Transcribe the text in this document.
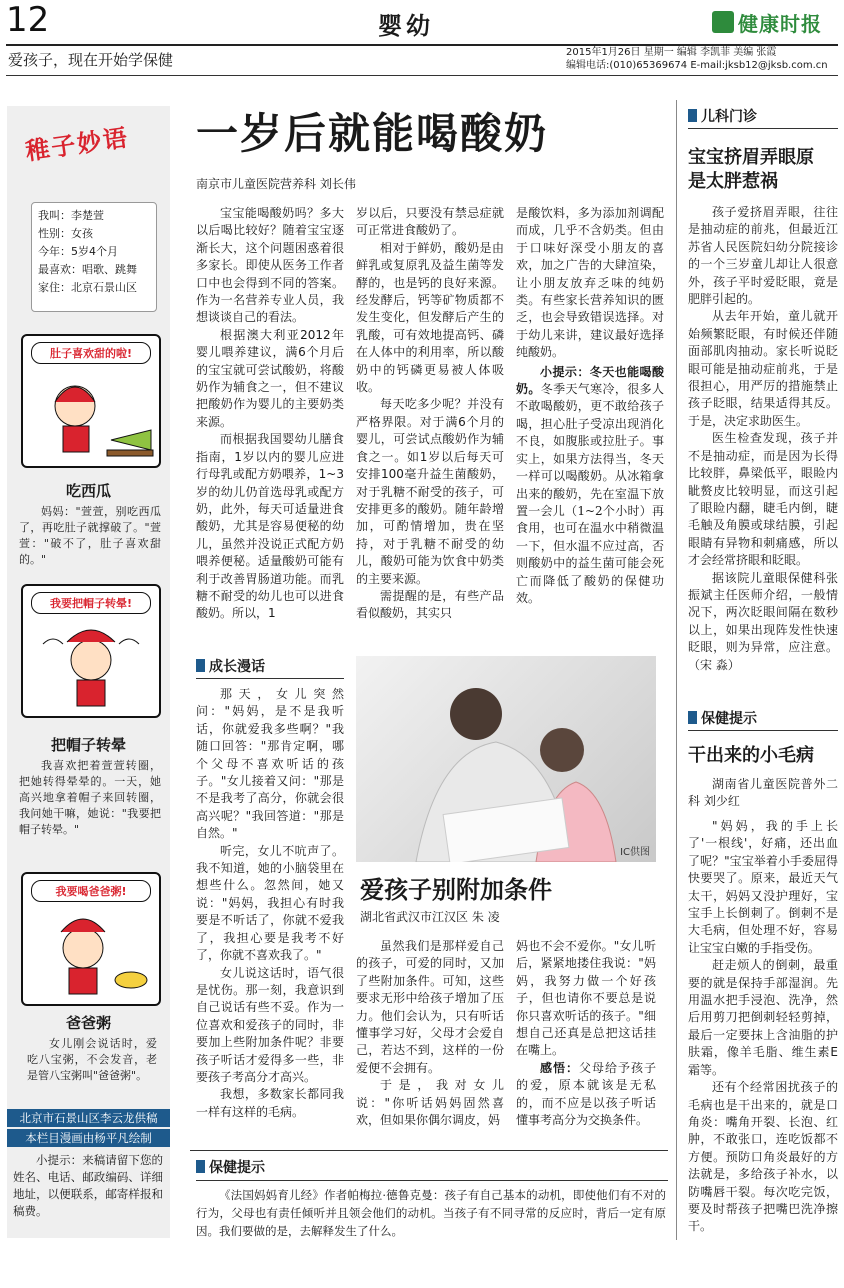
12	婴幼	健康时报
爱孩子，现在开始学保健	2015年1月26日 星期一 编辑 李凯菲 美编 张霞
编辑电话:(010)65369674 E-mail:jksb12@jksb.com.cn
稚子妙语
我叫：李楚萱
性别：女孩
今年：5岁4个月
最喜欢：唱歌、跳舞
家住：北京石景山区
肚子喜欢甜的啦!
吃西瓜
妈妈："萱萱，别吃西瓜了，再吃肚子就撑破了。"萱萱："破不了，肚子喜欢甜的。"
我要把帽子转晕!
把帽子转晕
我喜欢把着萱萱转圈，把她转得晕晕的。一天，她高兴地拿着帽子来回转圈，我问她干嘛，她说："我要把帽子转晕。"
我要喝爸爸粥!
爸爸粥
女儿刚会说话时，爱吃八宝粥，不会发音，老是管八宝粥叫"爸爸粥"。
北京市石景山区李云龙供稿
本栏目漫画由杨平凡绘制
小提示：来稿请留下您的姓名、电话、邮政编码、详细地址，以便联系，邮寄样报和稿费。
一岁后就能喝酸奶
南京市儿童医院营养科 刘长伟

宝宝能喝酸奶吗？多大以后喝比较好？随着宝宝逐渐长大，这个问题困惑着很多家长。即使从医务工作者口中也会得到不同的答案。作为一名营养专业人员，我想谈谈自己的看法。

根据澳大利亚2012年婴儿喂养建议，满6个月后的宝宝就可尝试酸奶，将酸奶作为辅食之一，但不建议把酸奶作为婴儿的主要奶类来源。

而根据我国婴幼儿膳食指南，1岁以内的婴儿应进行母乳或配方奶喂养，1~3岁的幼儿仍首选母乳或配方奶，此外，每天可适量进食酸奶，尤其是容易便秘的幼儿，虽然并没说正式配方奶喂养便秘。适量酸奶可能有利于改善胃肠道功能。而乳糖不耐受的幼儿也可以进食酸奶。所以，1

岁以后，只要没有禁忌症就可正常进食酸奶了。

相对于鲜奶，酸奶是由鲜乳或复原乳及益生菌等发酵的，也是钙的良好来源。经发酵后，钙等矿物质都不发生变化，但发酵后产生的乳酸，可有效地提高钙、磷在人体中的利用率，所以酸奶中的钙磷更易被人体吸收。

每天吃多少呢？并没有严格界限。对于满6个月的婴儿，可尝试点酸奶作为辅食之一。如1岁以后每天可安排100毫升益生菌酸奶，对于乳糖不耐受的孩子，可安排更多的酸奶。随年龄增加，可酌情增加，贵在坚持，对于乳糖不耐受的幼儿，酸奶可能为饮食中奶类的主要来源。

需提醒的是，有些产品看似酸奶，其实只

是酸饮料，多为添加剂调配而成，几乎不含奶类。但由于口味好深受小朋友的喜欢，加之广告的大肆渲染，让小朋友放弃乏味的纯奶类。有些家长营养知识的匮乏，也会导致错误选择。对于幼儿来讲，建议最好选择纯酸奶。

小提示：冬天也能喝酸奶。冬季天气寒冷，很多人不敢喝酸奶，更不敢给孩子喝，担心肚子受凉出现消化不良，如腹胀或拉肚子。事实上，如果方法得当，冬天一样可以喝酸奶。从冰箱拿出来的酸奶，先在室温下放置一会儿（1~2个小时）再食用，也可在温水中稍微温一下，但水温不应过高，否则酸奶中的益生菌可能会死亡而降低了酸奶的保健功效。

成长漫话
IC供图
爱孩子别附加条件
湖北省武汉市江汉区 朱 凌

那天，女儿突然问："妈妈，是不是我听话，你就爱我多些啊？"我随口回答："那肯定啊，哪个父母不喜欢听话的孩子。"女儿接着又问："那是不是我考了高分，你就会很高兴呢？"我回答道："那是自然。"

听完，女儿不吭声了。我不知道，她的小脑袋里在想些什么。忽然间，她又说："妈妈，我担心有时我要是不听话了，你就不爱我了，我担心要是我考不好了，你就不喜欢我了。"

女儿说这话时，语气很是忧伤。那一刻，我意识到自己说话有些不妥。作为一位喜欢和爱孩子的同时，非要加上些附加条件呢？非要孩子听话才爱得多一些，非要孩子考高分才高兴。

我想，多数家长都同我一样有这样的毛病。

虽然我们是那样爱自己的孩子，可爱的同时，又加了些附加条件。可知，这些要求无形中给孩子增加了压力。他们会认为，只有听话懂事学习好，父母才会爱自己，若达不到，这样的一份爱便不会拥有。

于是，我对女儿说："你听话妈妈固然喜欢，但如果你偶尔调皮，妈

妈也不会不爱你。"女儿听后，紧紧地搂住我说："妈妈，我努力做一个好孩子，但也请你不要总是说你只喜欢听话的孩子。"细想自己还真是总把这话挂在嘴上。

感悟：父母给予孩子的爱，原本就该是无私的，而不应是以孩子听话懂事考高分为交换条件。

保健提示
《法国妈妈育儿经》作者帕梅拉·德鲁克曼：孩子有自己基本的动机，即使他们有不对的行为，父母也有责任倾听并且领会他们的动机。当孩子有不同寻常的反应时，背后一定有原因。我们要做的是，去解释发生了什么。
儿科门诊
宝宝挤眉弄眼原是太胖惹祸

孩子爱挤眉弄眼，往往是抽动症的前兆，但最近江苏省人民医院妇幼分院接诊的一个三岁童儿却让人很意外，孩子平时爱眨眼，竟是肥胖引起的。

从去年开始，童儿就开始频繁眨眼，有时候还伴随面部肌肉抽动。家长听说眨眼可能是抽动症前兆，于是很担心，用严厉的措施禁止孩子眨眼，结果适得其反。于是，决定求助医生。

医生检查发现，孩子并不是抽动症，而是因为长得比较胖，鼻梁低平，眼睑内眦赘皮比较明显，而这引起了眼睑内翻，睫毛内倒，睫毛触及角膜或球结膜，引起眼睛有异物和刺痛感，所以才会经常挤眼和眨眼。

据该院儿童眼保健科张振斌主任医师介绍，一般情况下，两次眨眼间隔在数秒以上，如果出现阵发性快速眨眼，则为异常，应注意。（宋 淼）

保健提示
干出来的小毛病
湖南省儿童医院普外二科 刘少红

"妈妈，我的手上长了'一根线'，好痛，还出血了呢？"宝宝举着小手委屈得快要哭了。原来，最近天气太干，妈妈又没护理好，宝宝手上长倒刺了。倒刺不是大毛病，但处理不好，容易让宝宝白嫩的手指受伤。

赶走烦人的倒刺，最重要的就是保持手部湿润。先用温水把手浸泡、洗净，然后用剪刀把倒刺轻轻剪掉，最后一定要抹上含油脂的护肤霜，像羊毛脂、维生素E霜等。

还有个经常困扰孩子的毛病也是干出来的，就是口角炎：嘴角开裂、长泡、红肿，不敢张口，连吃饭都不方便。预防口角炎最好的方法就是，多给孩子补水，以防嘴唇干裂。每次吃完饭，要及时帮孩子把嘴巴洗净擦干。
